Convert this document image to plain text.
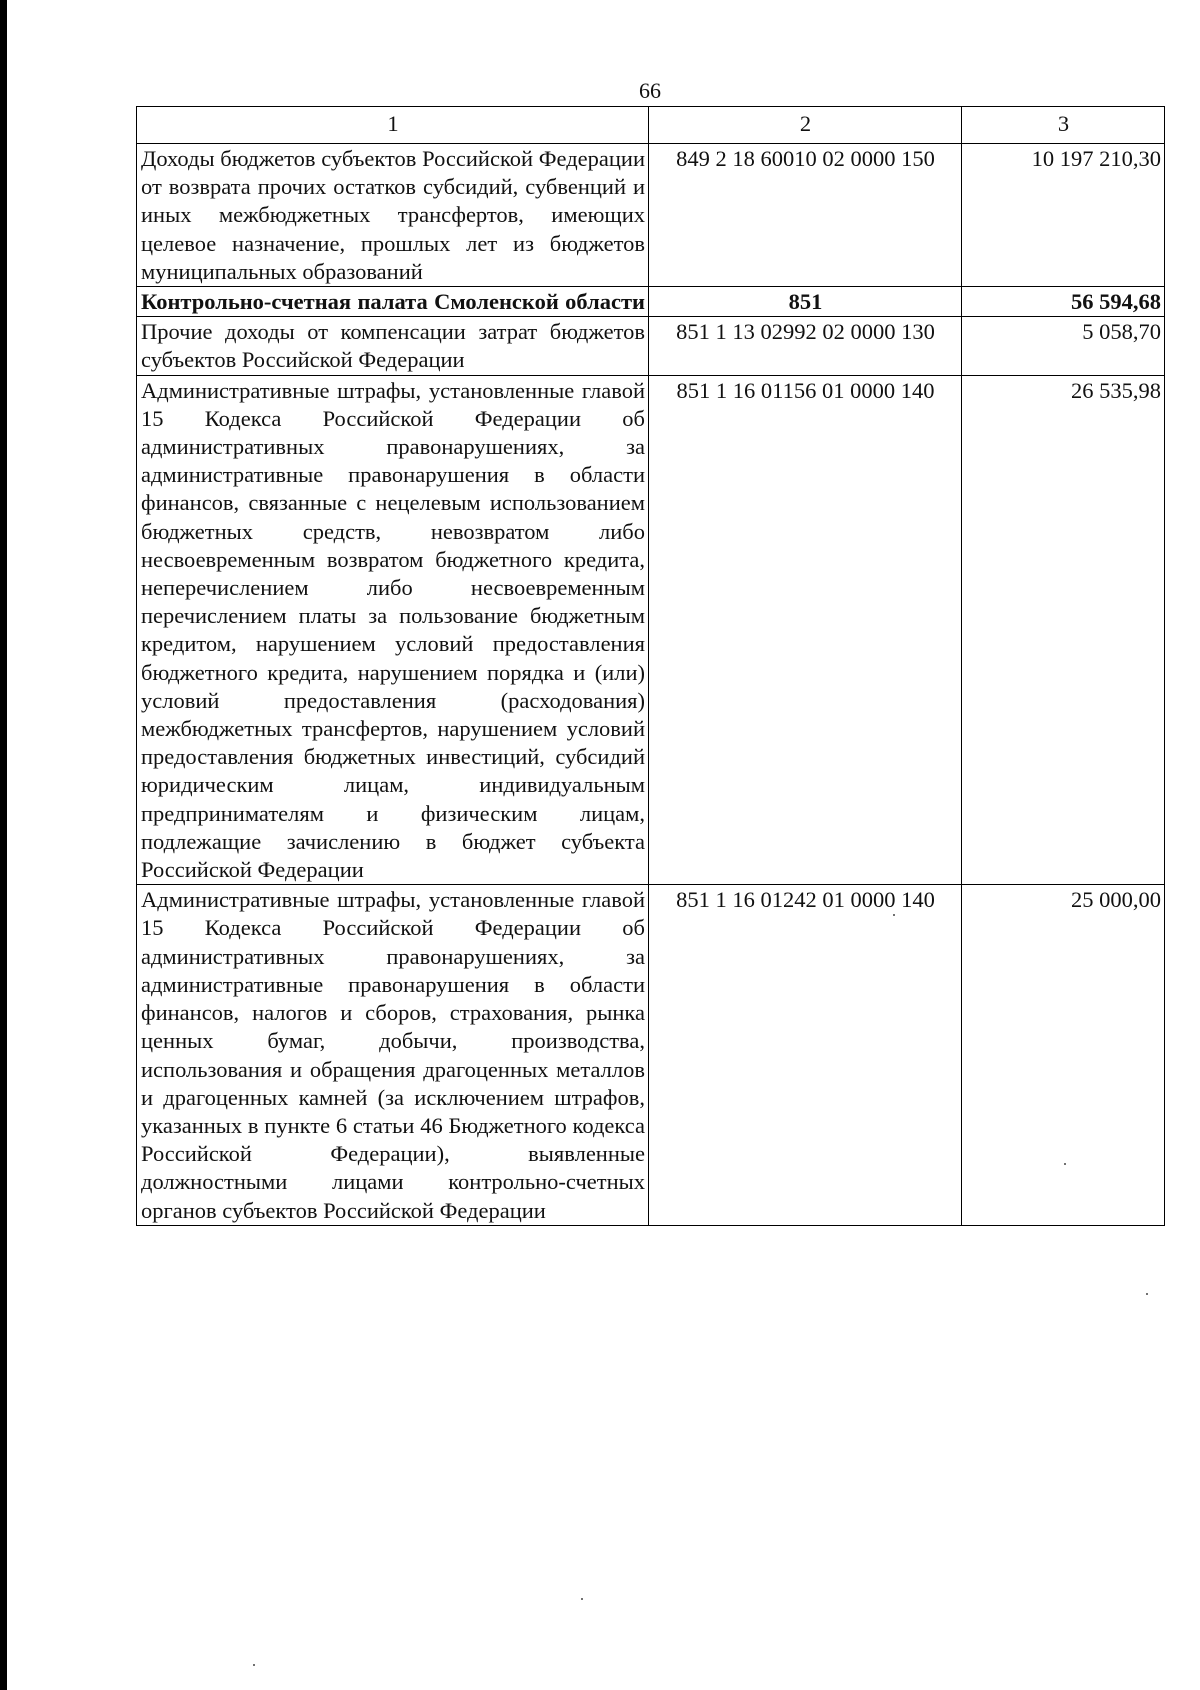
66
1	2	3
Доходы бюджетов субъектов Российской Федерации от возврата прочих остатков субсидий, субвенций и иных межбюджетных трансфертов, имеющих целевое назначение, прошлых лет из бюджетов муниципальных образований	849 2 18 60010 02 0000 150	10 197 210,30
Контрольно-счетная палата Смоленской области	851	56 594,68
Прочие доходы от компенсации затрат бюджетов субъектов Российской Федерации	851 1 13 02992 02 0000 130	5 058,70
Административные штрафы, установленные главой 15 Кодекса Российской Федерации об административных правонарушениях, за административные правонарушения в области финансов, связанные с нецелевым использованием бюджетных средств, невозвратом либо несвоевременным возвратом бюджетного кредита, неперечислением либо несвоевременным перечислением платы за пользование бюджетным кредитом, нарушением условий предоставления бюджетного кредита, нарушением порядка и (или) условий предоставления (расходования) межбюджетных трансфертов, нарушением условий предоставления бюджетных инвестиций, субсидий юридическим лицам, индивидуальным предпринимателям и физическим лицам, подлежащие зачислению в бюджет субъекта Российской Федерации	851 1 16 01156 01 0000 140	26 535,98
Административные штрафы, установленные главой 15 Кодекса Российской Федерации об административных правонарушениях, за административные правонарушения в области финансов, налогов и сборов, страхования, рынка ценных бумаг, добычи, производства, использования и обращения драгоценных металлов и драгоценных камней (за исключением штрафов, указанных в пункте 6 статьи 46 Бюджетного кодекса Российской Федерации), выявленные должностными лицами контрольно-счетных органов субъектов Российской Федерации	851 1 16 01242 01 0000 140	25 000,00
